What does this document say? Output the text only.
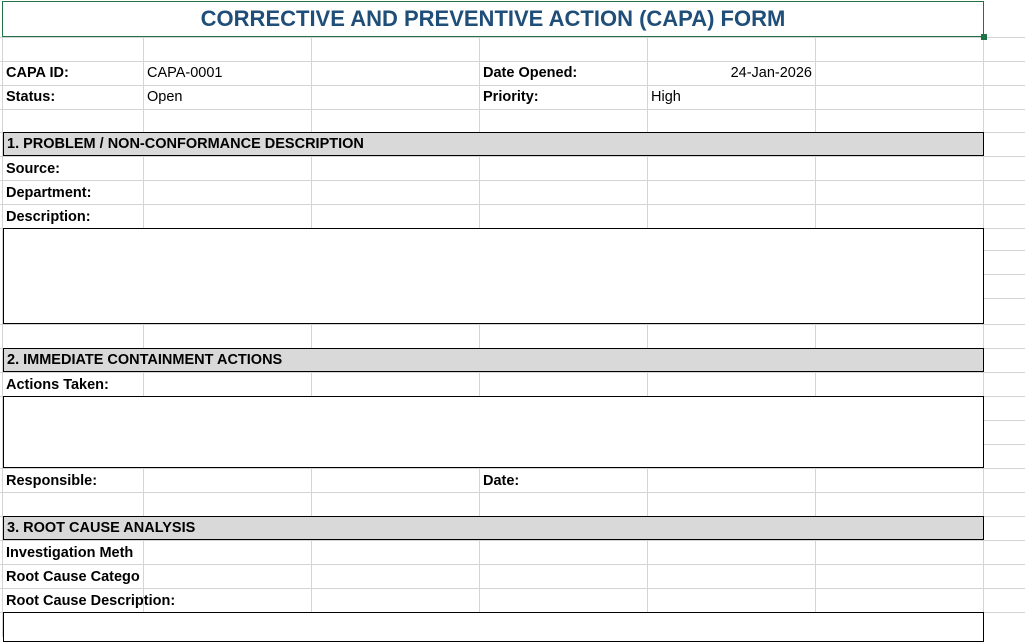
CORRECTIVE AND PREVENTIVE ACTION (CAPA) FORM
CAPA ID:	CAPA-0001	Date Opened:	24-Jan-2026
Status:	Open	Priority:	High
1. PROBLEM / NON-CONFORMANCE DESCRIPTION
Source:
Department:
Description:
2. IMMEDIATE CONTAINMENT ACTIONS
Actions Taken:
Responsible:	Date:
3. ROOT CAUSE ANALYSIS
Investigation Meth
Root Cause Catego
Root Cause Description:
